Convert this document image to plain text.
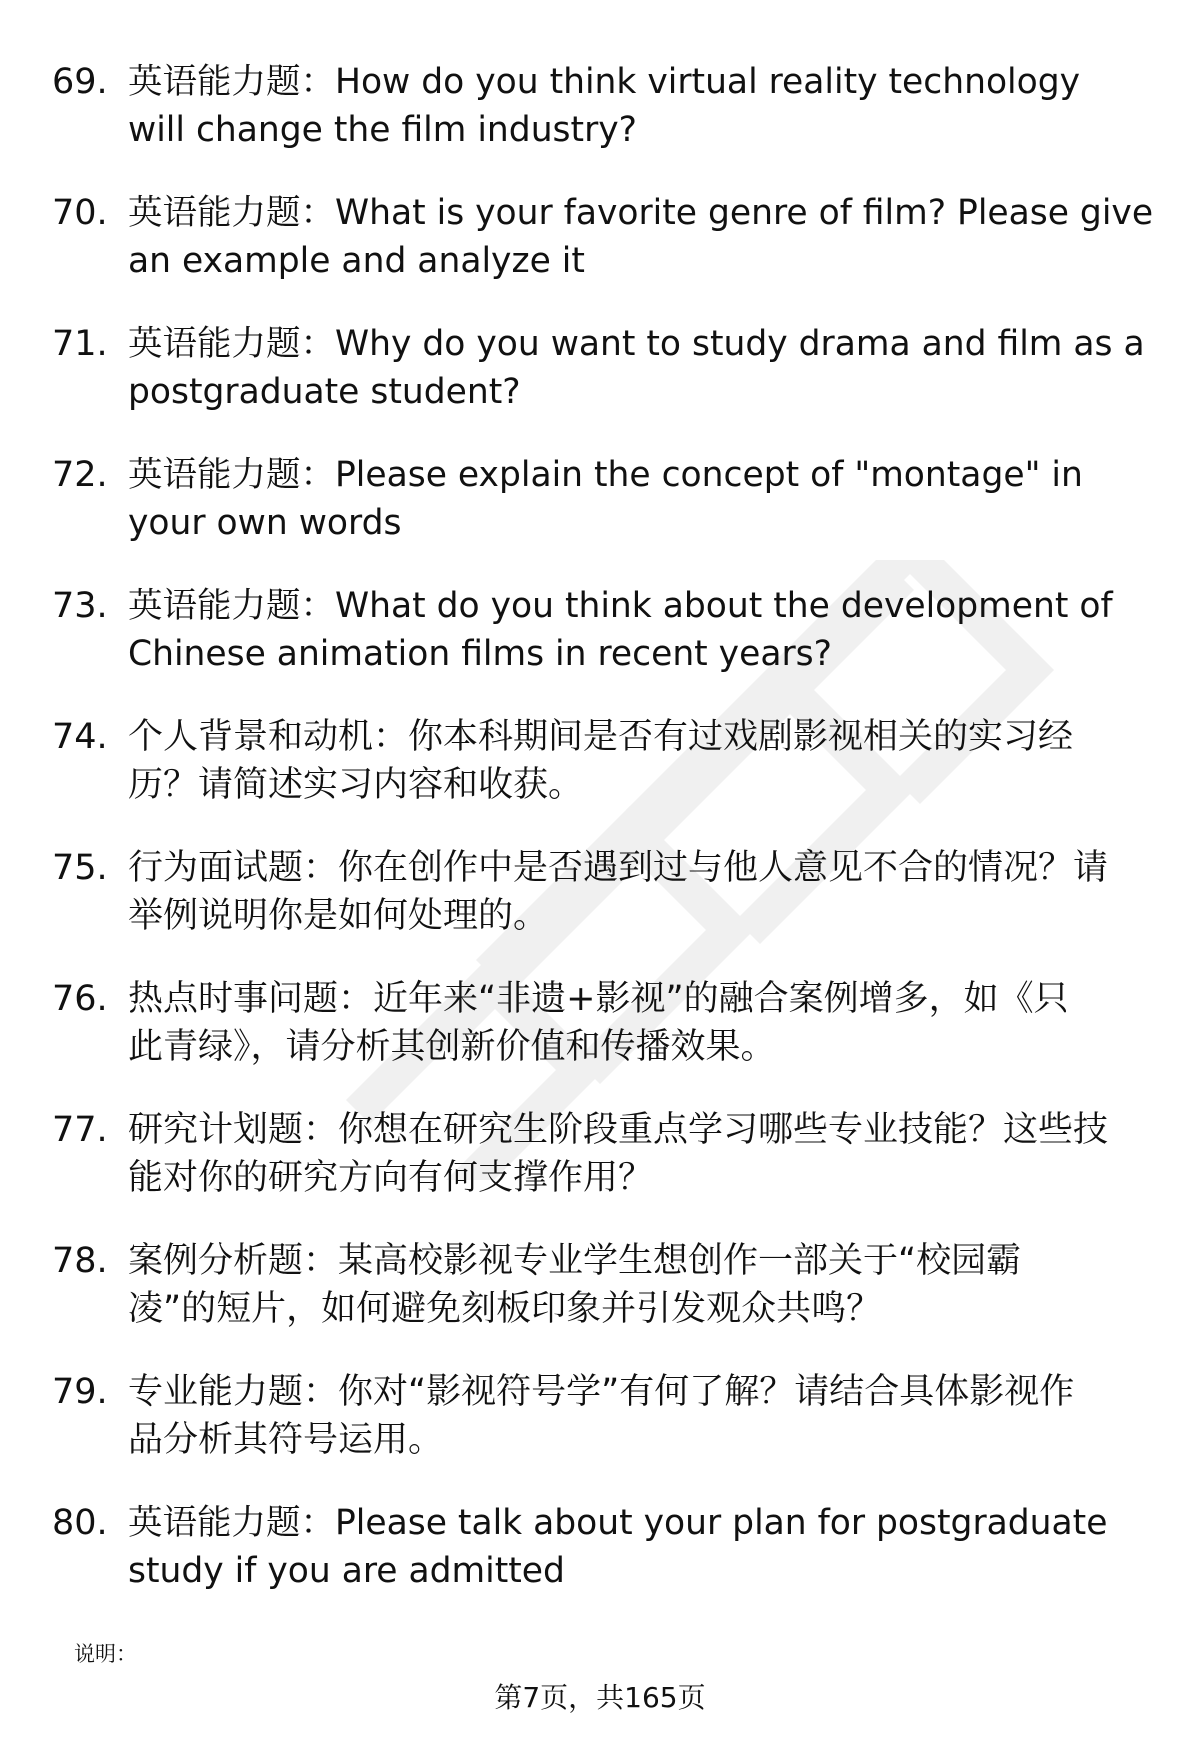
69. 英语能力题：How do you think virtual reality technology
will change the film industry?
70. 英语能力题：What is your favorite genre of film? Please give
an example and analyze it
71. 英语能力题：Why do you want to study drama and film as a
postgraduate student?
72. 英语能力题：Please explain the concept of "montage" in
your own words
73. 英语能力题：What do you think about the development of
Chinese animation films in recent years?
74. 个人背景和动机：你本科期间是否有过戏剧影视相关的实习经
历？请简述实习内容和收获。
75. 行为面试题：你在创作中是否遇到过与他人意见不合的情况？请
举例说明你是如何处理的。
76. 热点时事问题：近年来“非遗+影视”的融合案例增多，如《只
此青绿》，请分析其创新价值和传播效果。
77. 研究计划题：你想在研究生阶段重点学习哪些专业技能？这些技
能对你的研究方向有何支撑作用？
78. 案例分析题：某高校影视专业学生想创作一部关于“校园霸
凌”的短片，如何避免刻板印象并引发观众共鸣？
79. 专业能力题：你对“影视符号学”有何了解？请结合具体影视作
品分析其符号运用。
80. 英语能力题：Please talk about your plan for postgraduate
study if you are admitted
说明：
第7页，共165页
